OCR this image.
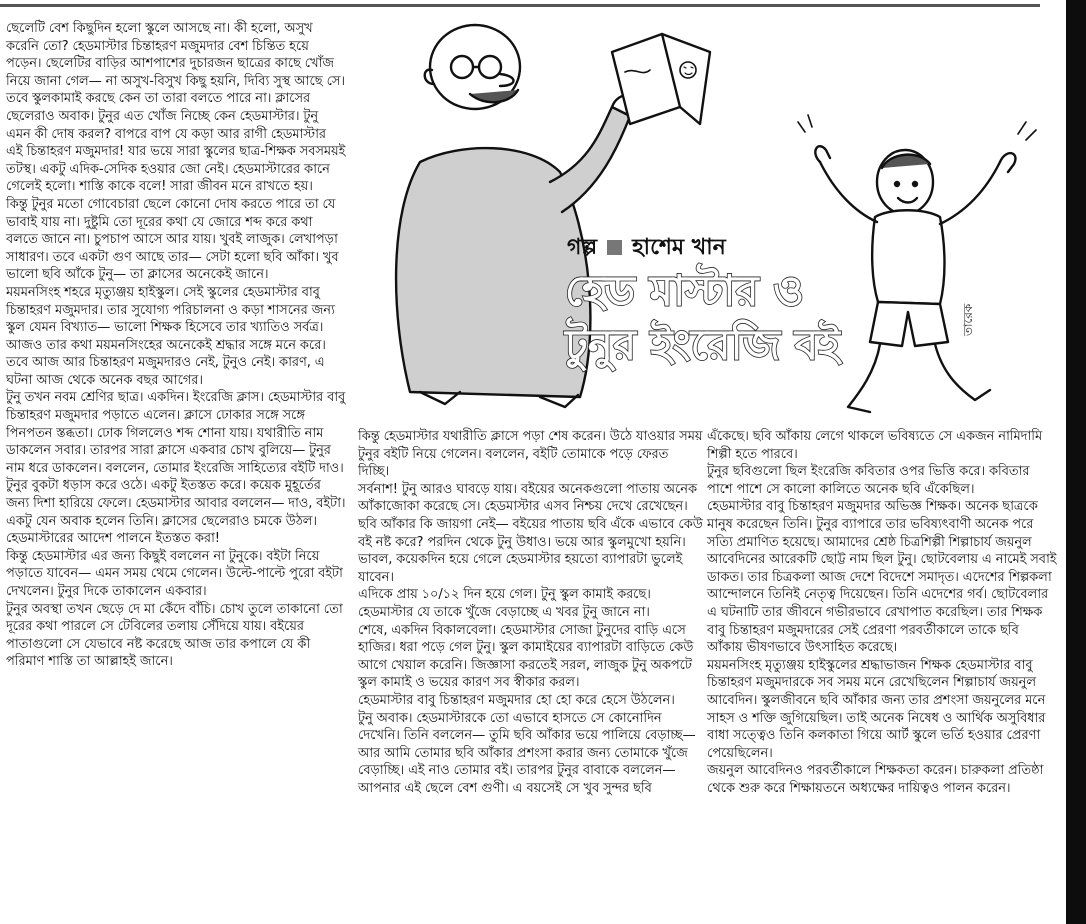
ছেলেটি বেশ কিছুদিন হলো স্কুলে আসছে না। কী হলো, অসুখ করেনি তো? হেডমাস্টার চিন্তাহরণ মজুমদার বেশ চিন্তিত হয়ে পড়েন। ছেলেটির বাড়ির আশপাশের দুচারজন ছাত্রের কাছে খোঁজ নিয়ে জানা গেল— না অসুখ-বিসুখ কিছু হয়নি, দিব্যি সুস্থ আছে সে। তবে স্কুলকামাই করছে কেন তা তারা বলতে পারে না। ক্লাসের ছেলেরাও অবাক। টুনুর এত খোঁজ নিচ্ছে কেন হেডমাস্টার। টুনু এমন কী দোষ করল? বাপরে বাপ যে কড়া আর রাগী হেডমাস্টার এই চিন্তাহরণ মজুমদার! যার ভয়ে সারা স্কুলের ছাত্র-শিক্ষক সবসময়ই তটস্থ। একটু এদিক-সেদিক হওয়ার জো নেই। হেডমাস্টারের কানে গেলেই হলো। শাস্তি কাকে বলে! সারা জীবন মনে রাখতে হয়।

কিন্তু টুনুর মতো গোবেচারা ছেলে কোনো দোষ করতে পারে তা যে ভাবাই যায় না। দুষ্টুমি তো দূরের কথা যে জোরে শব্দ করে কথা বলতে জানে না। চুপচাপ আসে আর যায়। খুবই লাজুক। লেখাপড়া সাধারণ। তবে একটা গুণ আছে তার— সেটা হলো ছবি আঁকা। খুব ভালো ছবি আঁকে টুনু— তা ক্লাসের অনেকেই জানে।

ময়মনসিংহ শহরে মৃত্যুঞ্জয় হাইস্কুল। সেই স্কুলের হেডমাস্টার বাবু চিন্তাহরণ মজুমদার। তার সুযোগ্য পরিচালনা ও কড়া শাসনের জন্য স্কুল যেমন বিখ্যাত— ভালো শিক্ষক হিসেবে তার খ্যাতিও সর্বত্র। আজও তার কথা ময়মনসিংহের অনেকেই শ্রদ্ধার সঙ্গে মনে করে। তবে আজ আর চিন্তাহরণ মজুমদারও নেই, টুনুও নেই। কারণ, এ ঘটনা আজ থেকে অনেক বছর আগের।

টুনু তখন নবম শ্রেণির ছাত্র। একদিন। ইংরেজি ক্লাস। হেডমাস্টার বাবু চিন্তাহরণ মজুমদার পড়াতে এলেন। ক্লাসে ঢোকার সঙ্গে সঙ্গে পিনপতন স্তব্ধতা। ঢোক গিললেও শব্দ শোনা যায়। যথারীতি নাম ডাকলেন সবার। তারপর সারা ক্লাসে একবার চোখ বুলিয়ে— টুনুর নাম ধরে ডাকলেন। বললেন, তোমার ইংরেজি সাহিত্যের বইটি দাও।

টুনুর বুকটা ধড়াস করে ওঠে। একটু ইতস্তত করে। কয়েক মুহূর্তের জন্য দিশা হারিয়ে ফেলে। হেডমাস্টার আবার বললেন— দাও, বইটা। একটু যেন অবাক হলেন তিনি। ক্লাসের ছেলেরাও চমকে উঠল। হেডমাস্টারের আদেশ পালনে ইতস্তত করা!

কিন্তু হেডমাস্টার এর জন্য কিছুই বললেন না টুনুকে। বইটা নিয়ে পড়াতে যাবেন— এমন সময় থেমে গেলেন। উল্টে-পাল্টে পুরো বইটা দেখলেন। টুনুর দিকে তাকালেন একবার।

টুনুর অবস্থা তখন ছেড়ে দে মা কেঁদে বাঁচি। চোখ তুলে তাকানো তো দূরের কথা পারলে সে টেবিলের তলায় সেঁদিয়ে যায়। বইয়ের পাতাগুলো সে যেভাবে নষ্ট করেছে আজ তার কপালে যে কী পরিমাণ শাস্তি তা আল্লাহই জানে।

গল্প হাশেম খান
হেড মাস্টার ও
টুনুর ইংরেজি বই
তারেক

কিন্তু হেডমাস্টার যথারীতি ক্লাসে পড়া শেষ করেন। উঠে যাওয়ার সময় টুনুর বইটি নিয়ে গেলেন। বললেন, বইটি তোমাকে পড়ে ফেরত দিচ্ছি।

সর্বনাশ! টুনু আরও ঘাবড়ে যায়। বইয়ের অনেকগুলো পাতায় অনেক আঁকাজোকা করেছে সে। হেডমাস্টার এসব নিশ্চয় দেখে রেখেছেন। ছবি আঁকার কি জায়গা নেই— বইয়ের পাতায় ছবি এঁকে এভাবে কেউ বই নষ্ট করে? পরদিন থেকে টুনু উধাও। ভয়ে আর স্কুলমুখো হয়নি। ভাবল, কয়েকদিন হয়ে গেলে হেডমাস্টার হয়তো ব্যাপারটা ভুলেই যাবেন।

এদিকে প্রায় ১০/১২ দিন হয়ে গেল। টুনু স্কুল কামাই করছে। হেডমাস্টার যে তাকে খুঁজে বেড়াচ্ছে এ খবর টুনু জানে না।

শেষে, একদিন বিকালবেলা। হেডমাস্টার সোজা টুনুদের বাড়ি এসে হাজির। ধরা পড়ে গেল টুনু। স্কুল কামাইয়ের ব্যাপারটা বাড়িতে কেউ আগে খেয়াল করেনি। জিজ্ঞাসা করতেই সরল, লাজুক টুনু অকপটে স্কুল কামাই ও ভয়ের কারণ সব স্বীকার করল।

হেডমাস্টার বাবু চিন্তাহরণ মজুমদার হো হো করে হেসে উঠলেন।

টুনু অবাক। হেডমাস্টারকে তো এভাবে হাসতে সে কোনোদিন দেখেনি। তিনি বললেন— তুমি ছবি আঁকার ভয়ে পালিয়ে বেড়াচ্ছ— আর আমি তোমার ছবি আঁকার প্রশংসা করার জন্য তোমাকে খুঁজে বেড়াচ্ছি। এই নাও তোমার বই। তারপর টুনুর বাবাকে বললেন— আপনার এই ছেলে বেশ গুণী। এ বয়সেই সে খুব সুন্দর ছবি

এঁকেছে। ছবি আঁকায় লেগে থাকলে ভবিষ্যতে সে একজন নামিদামি শিল্পী হতে পারবে।

টুনুর ছবিগুলো ছিল ইংরেজি কবিতার ওপর ভিত্তি করে। কবিতার পাশে পাশে সে কালো কালিতে অনেক ছবি এঁকেছিল।

হেডমাস্টার বাবু চিন্তাহরণ মজুমদার অভিজ্ঞ শিক্ষক। অনেক ছাত্রকে মানুষ করেছেন তিনি। টুনুর ব্যাপারে তার ভবিষ্যৎবাণী অনেক পরে সত্যি প্রমাণিত হয়েছে। আমাদের শ্রেষ্ঠ চিত্রশিল্পী শিল্পাচার্য জয়নুল আবেদিনের আরেকটি ছোট্ট নাম ছিল টুনু। ছোটবেলায় এ নামেই সবাই ডাকত। তার চিত্রকলা আজ দেশে বিদেশে সমাদৃত। এদেশের শিল্পকলা আন্দোলনে তিনিই নেতৃত্ব দিয়েছেন। তিনি এদেশের গর্ব। ছোটবেলার এ ঘটনাটি তার জীবনে গভীরভাবে রেখাপাত করেছিল। তার শিক্ষক বাবু চিন্তাহরণ মজুমদারের সেই প্রেরণা পরবর্তীকালে তাকে ছবি আঁকায় ভীষণভাবে উৎসাহিত করেছে।

ময়মনসিংহ মৃত্যুঞ্জয় হাইস্কুলের শ্রদ্ধাভাজন শিক্ষক হেডমাস্টার বাবু চিন্তাহরণ মজুমদারকে সব সময় মনে রেখেছিলেন শিল্পাচার্য জয়নুল আবেদিন। স্কুলজীবনে ছবি আঁকার জন্য তার প্রশংসা জয়নুলের মনে সাহস ও শক্তি জুগিয়েছিল। তাই অনেক নিষেধ ও আর্থিক অসুবিধার বাধা সত্ত্বেও তিনি কলকাতা গিয়ে আর্ট স্কুলে ভর্তি হওয়ার প্রেরণা পেয়েছিলেন।

জয়নুল আবেদিনও পরবর্তীকালে শিক্ষকতা করেন। চারুকলা প্রতিষ্ঠা থেকে শুরু করে শিক্ষায়তনে অধ্যক্ষের দায়িত্বও পালন করেন।
